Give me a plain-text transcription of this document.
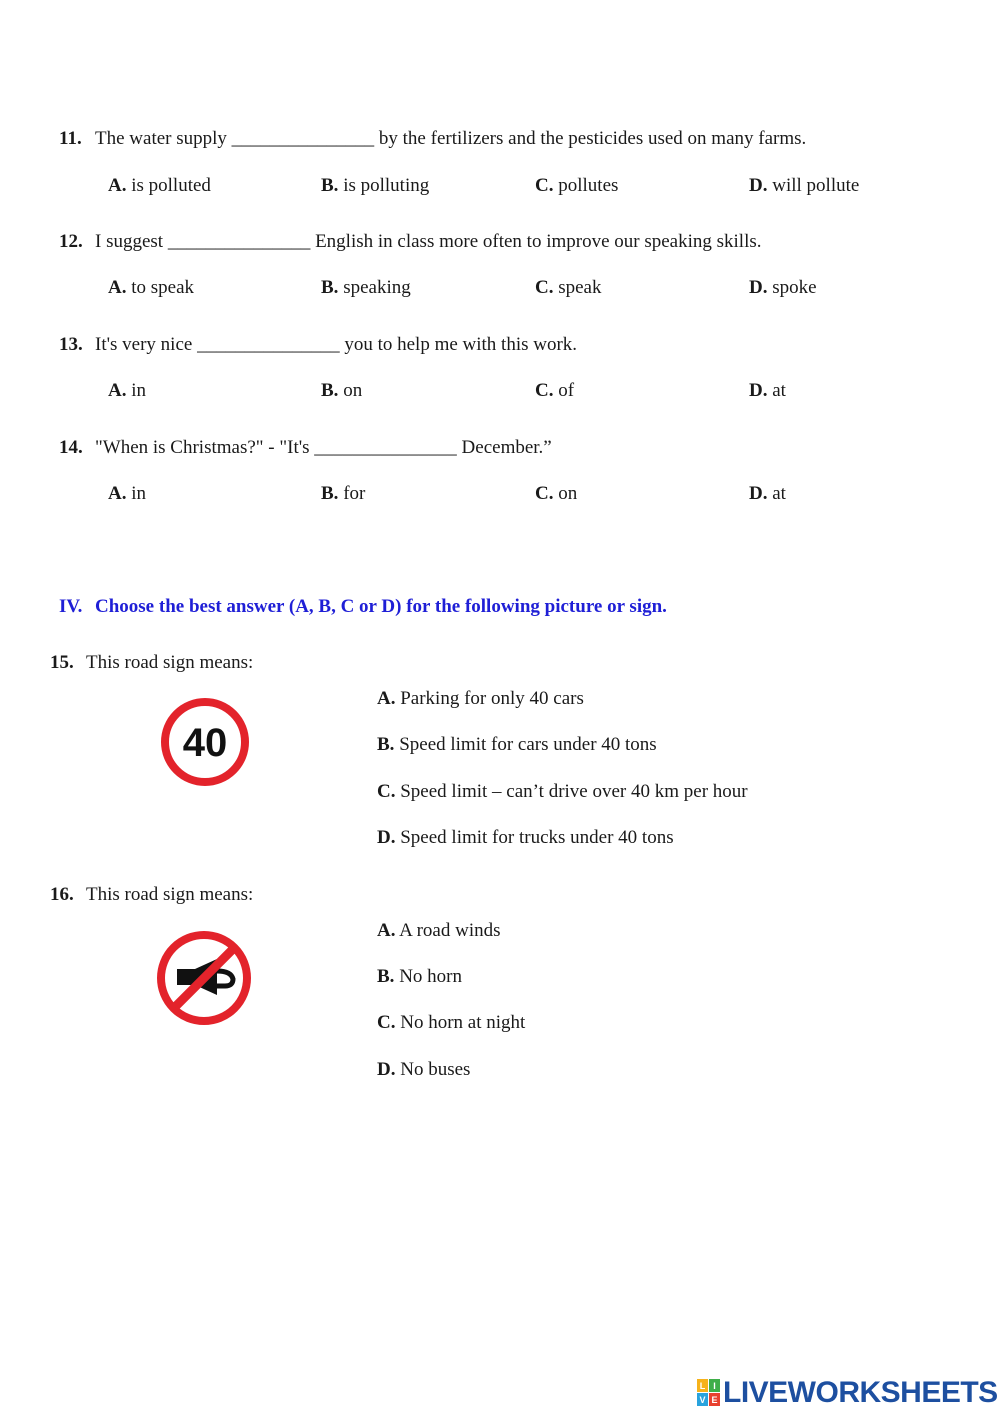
11. The water supply _______________ by the fertilizers and the pesticides used on many farms.
A. is polluted	B. is polluting	C. pollutes	D. will pollute
12. I suggest _______________ English in class more often to improve our speaking skills.
A. to speak	B. speaking	C. speak	D. spoke
13. It's very nice _______________ you to help me with this work.
A. in	B. on	C. of	D. at
14. "When is Christmas?" - "It's _______________ December.”
A. in	B. for	C. on	D. at
IV. Choose the best answer (A, B, C or D) for the following picture or sign.
15. This road sign means:
40
A. Parking for only 40 cars
B. Speed limit for cars under 40 tons
C. Speed limit – can’t drive over 40 km per hour
D. Speed limit for trucks under 40 tons
16. This road sign means:
A. A road winds
B. No horn
C. No horn at night
D. No buses
L I
V E LIVEWORKSHEETS
